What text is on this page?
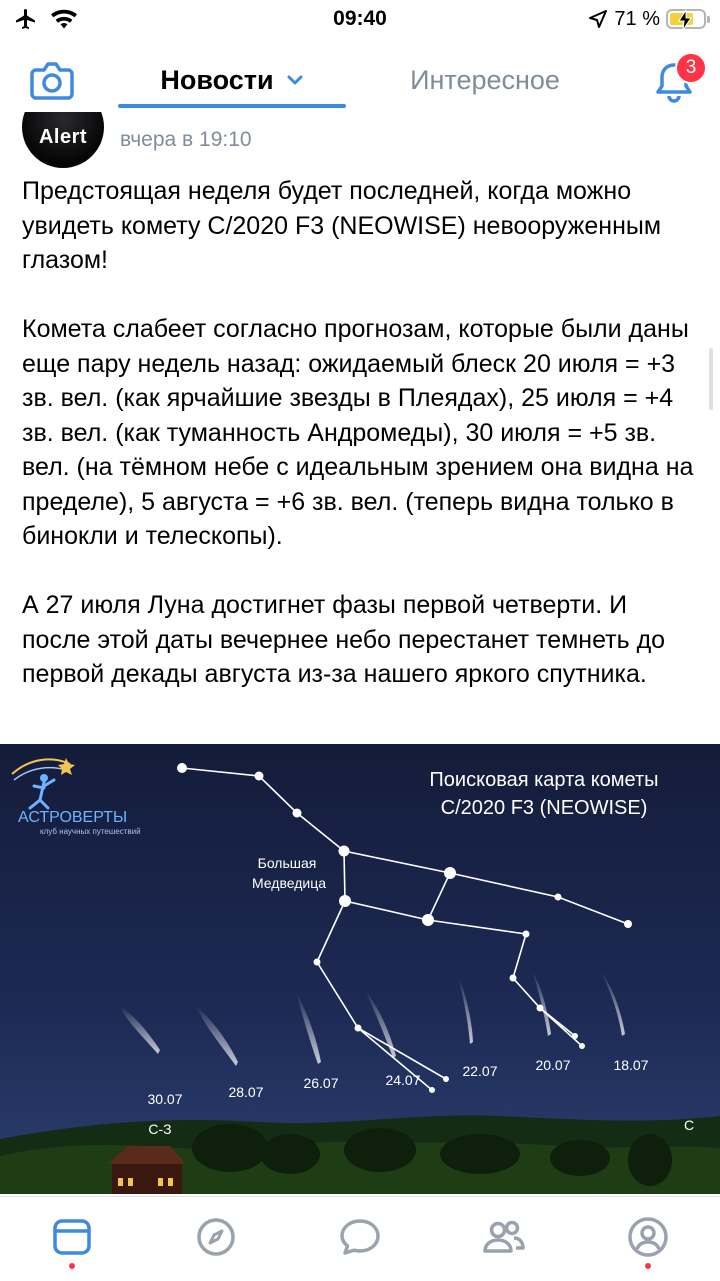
09:40	71 %
Новости	Интересное	3
Alert	вчера в 19:10

Предстоящая неделя будет последней, когда можно увидеть комету C/2020 F3 (NEOWISE) невооруженным глазом!

Комета слабеет согласно прогнозам, которые были даны еще пару недель назад: ожидаемый блеск 20 июля = +3 зв. вел. (как ярчайшие звезды в Плеядах), 25 июля = +4 зв. вел. (как туманность Андромеды), 30 июля = +5 зв. вел. (на тёмном небе с идеальным зрением она видна на пределе), 5 августа = +6 зв. вел. (теперь видна только в бинокли и телескопы).

А 27 июля Луна достигнет фазы первой четверти. И после этой даты вечернее небо перестанет темнеть до первой декады августа из-за нашего яркого спутника.

АСТРОВЕРТЫ
клуб научных путешествий
Поисковая карта кометы
C/2020 F3 (NEOWISE)
Большая
Медведица
30.07	28.07
26.07	24.07
22.07	20.07	18.07
С-З	С
